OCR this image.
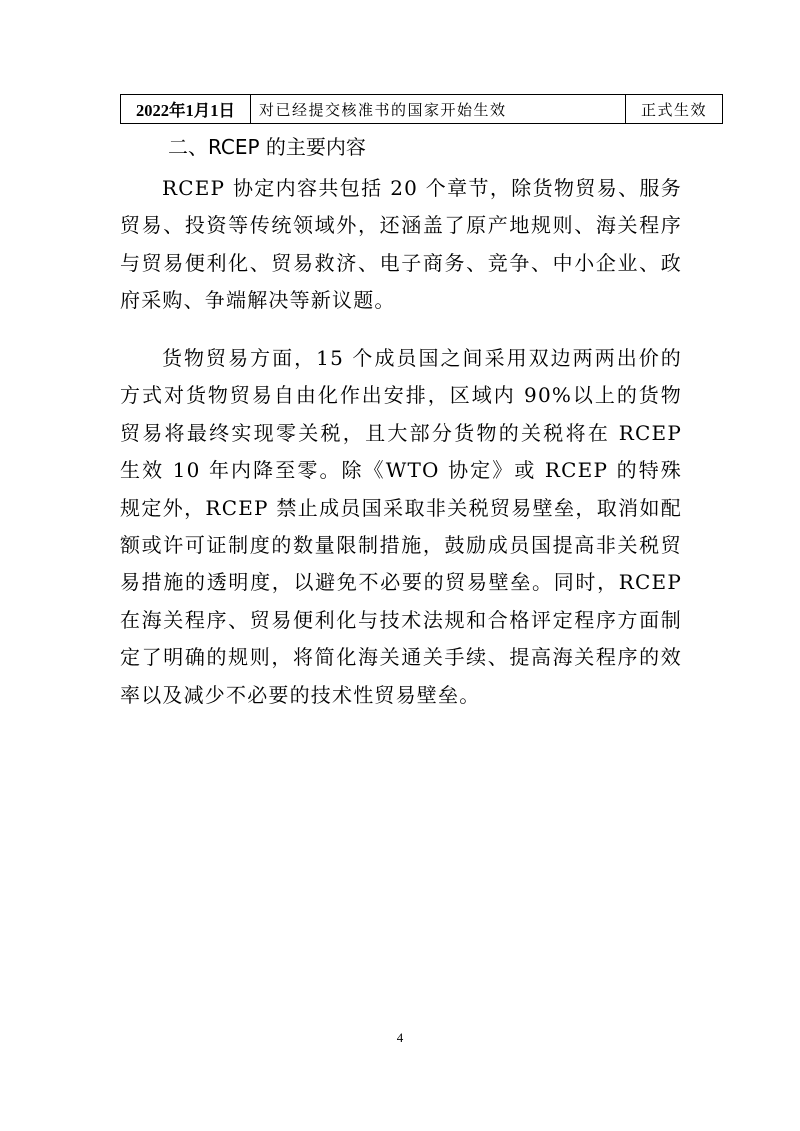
2022年1月1日	对已经提交核准书的国家开始生效	正式生效
二、RCEP 的主要内容

RCEP 协定内容共包括 20 个章节，除货物贸易、服务贸易、投资等传统领域外，还涵盖了原产地规则、海关程序与贸易便利化、贸易救济、电子商务、竞争、中小企业、政府采购、争端解决等新议题。

货物贸易方面，15 个成员国之间采用双边两两出价的方式对货物贸易自由化作出安排，区域内 90%以上的货物贸易将最终实现零关税，且大部分货物的关税将在 RCEP 生效 10 年内降至零。除《WTO 协定》或 RCEP 的特殊规定外，RCEP 禁止成员国采取非关税贸易壁垒，取消如配额或许可证制度的数量限制措施，鼓励成员国提高非关税贸易措施的透明度，以避免不必要的贸易壁垒。同时，RCEP 在海关程序、贸易便利化与技术法规和合格评定程序方面制定了明确的规则，将简化海关通关手续、提高海关程序的效率以及减少不必要的技术性贸易壁垒。

4
